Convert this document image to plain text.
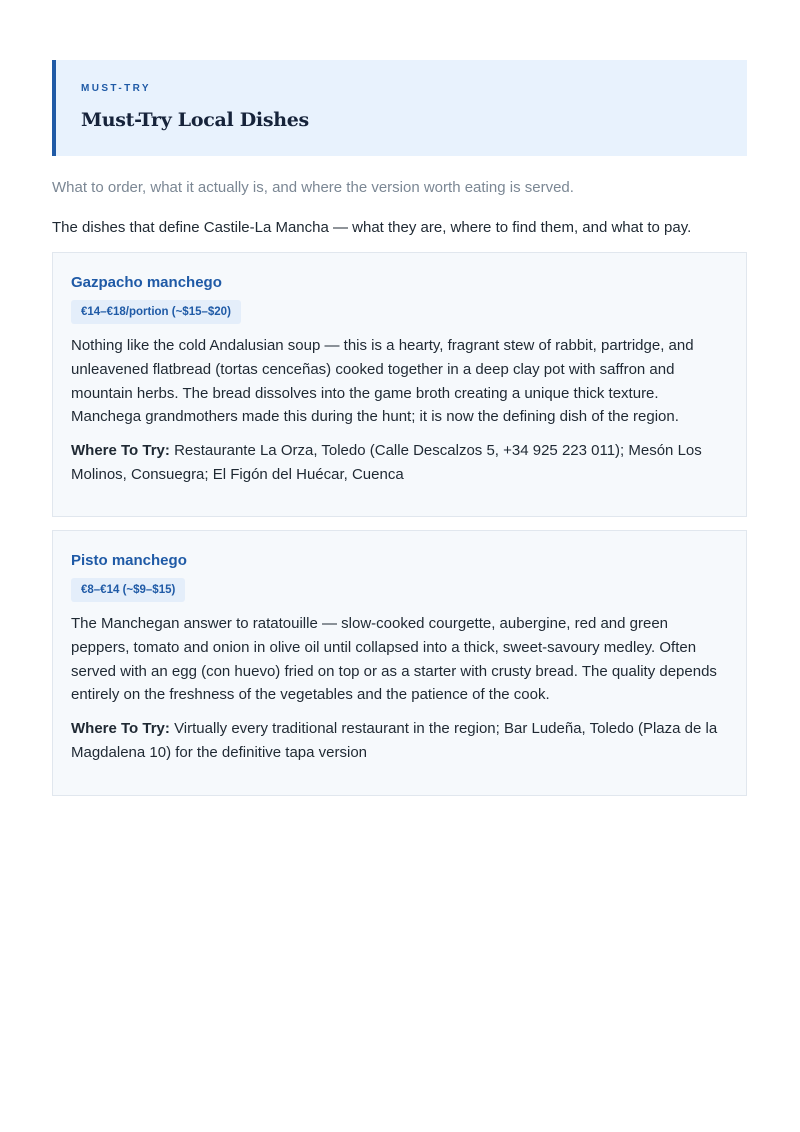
MUST-TRY

Must-Try Local Dishes

What to order, what it actually is, and where the version worth eating is served.

The dishes that define Castile-La Mancha — what they are, where to find them, and what to pay.

Gazpacho manchego
€14–€18/portion (~$15–$20)

Nothing like the cold Andalusian soup — this is a hearty, fragrant stew of rabbit, partridge, and unleavened flatbread (tortas cenceñas) cooked together in a deep clay pot with saffron and mountain herbs. The bread dissolves into the game broth creating a unique thick texture. Manchega grandmothers made this during the hunt; it is now the defining dish of the region.

Where To Try: Restaurante La Orza, Toledo (Calle Descalzos 5, +34 925 223 011); Mesón Los Molinos, Consuegra; El Figón del Huécar, Cuenca

Pisto manchego
€8–€14 (~$9–$15)

The Manchegan answer to ratatouille — slow-cooked courgette, aubergine, red and green peppers, tomato and onion in olive oil until collapsed into a thick, sweet-savoury medley. Often served with an egg (con huevo) fried on top or as a starter with crusty bread. The quality depends entirely on the freshness of the vegetables and the patience of the cook.

Where To Try: Virtually every traditional restaurant in the region; Bar Ludeña, Toledo (Plaza de la Magdalena 10) for the definitive tapa version
